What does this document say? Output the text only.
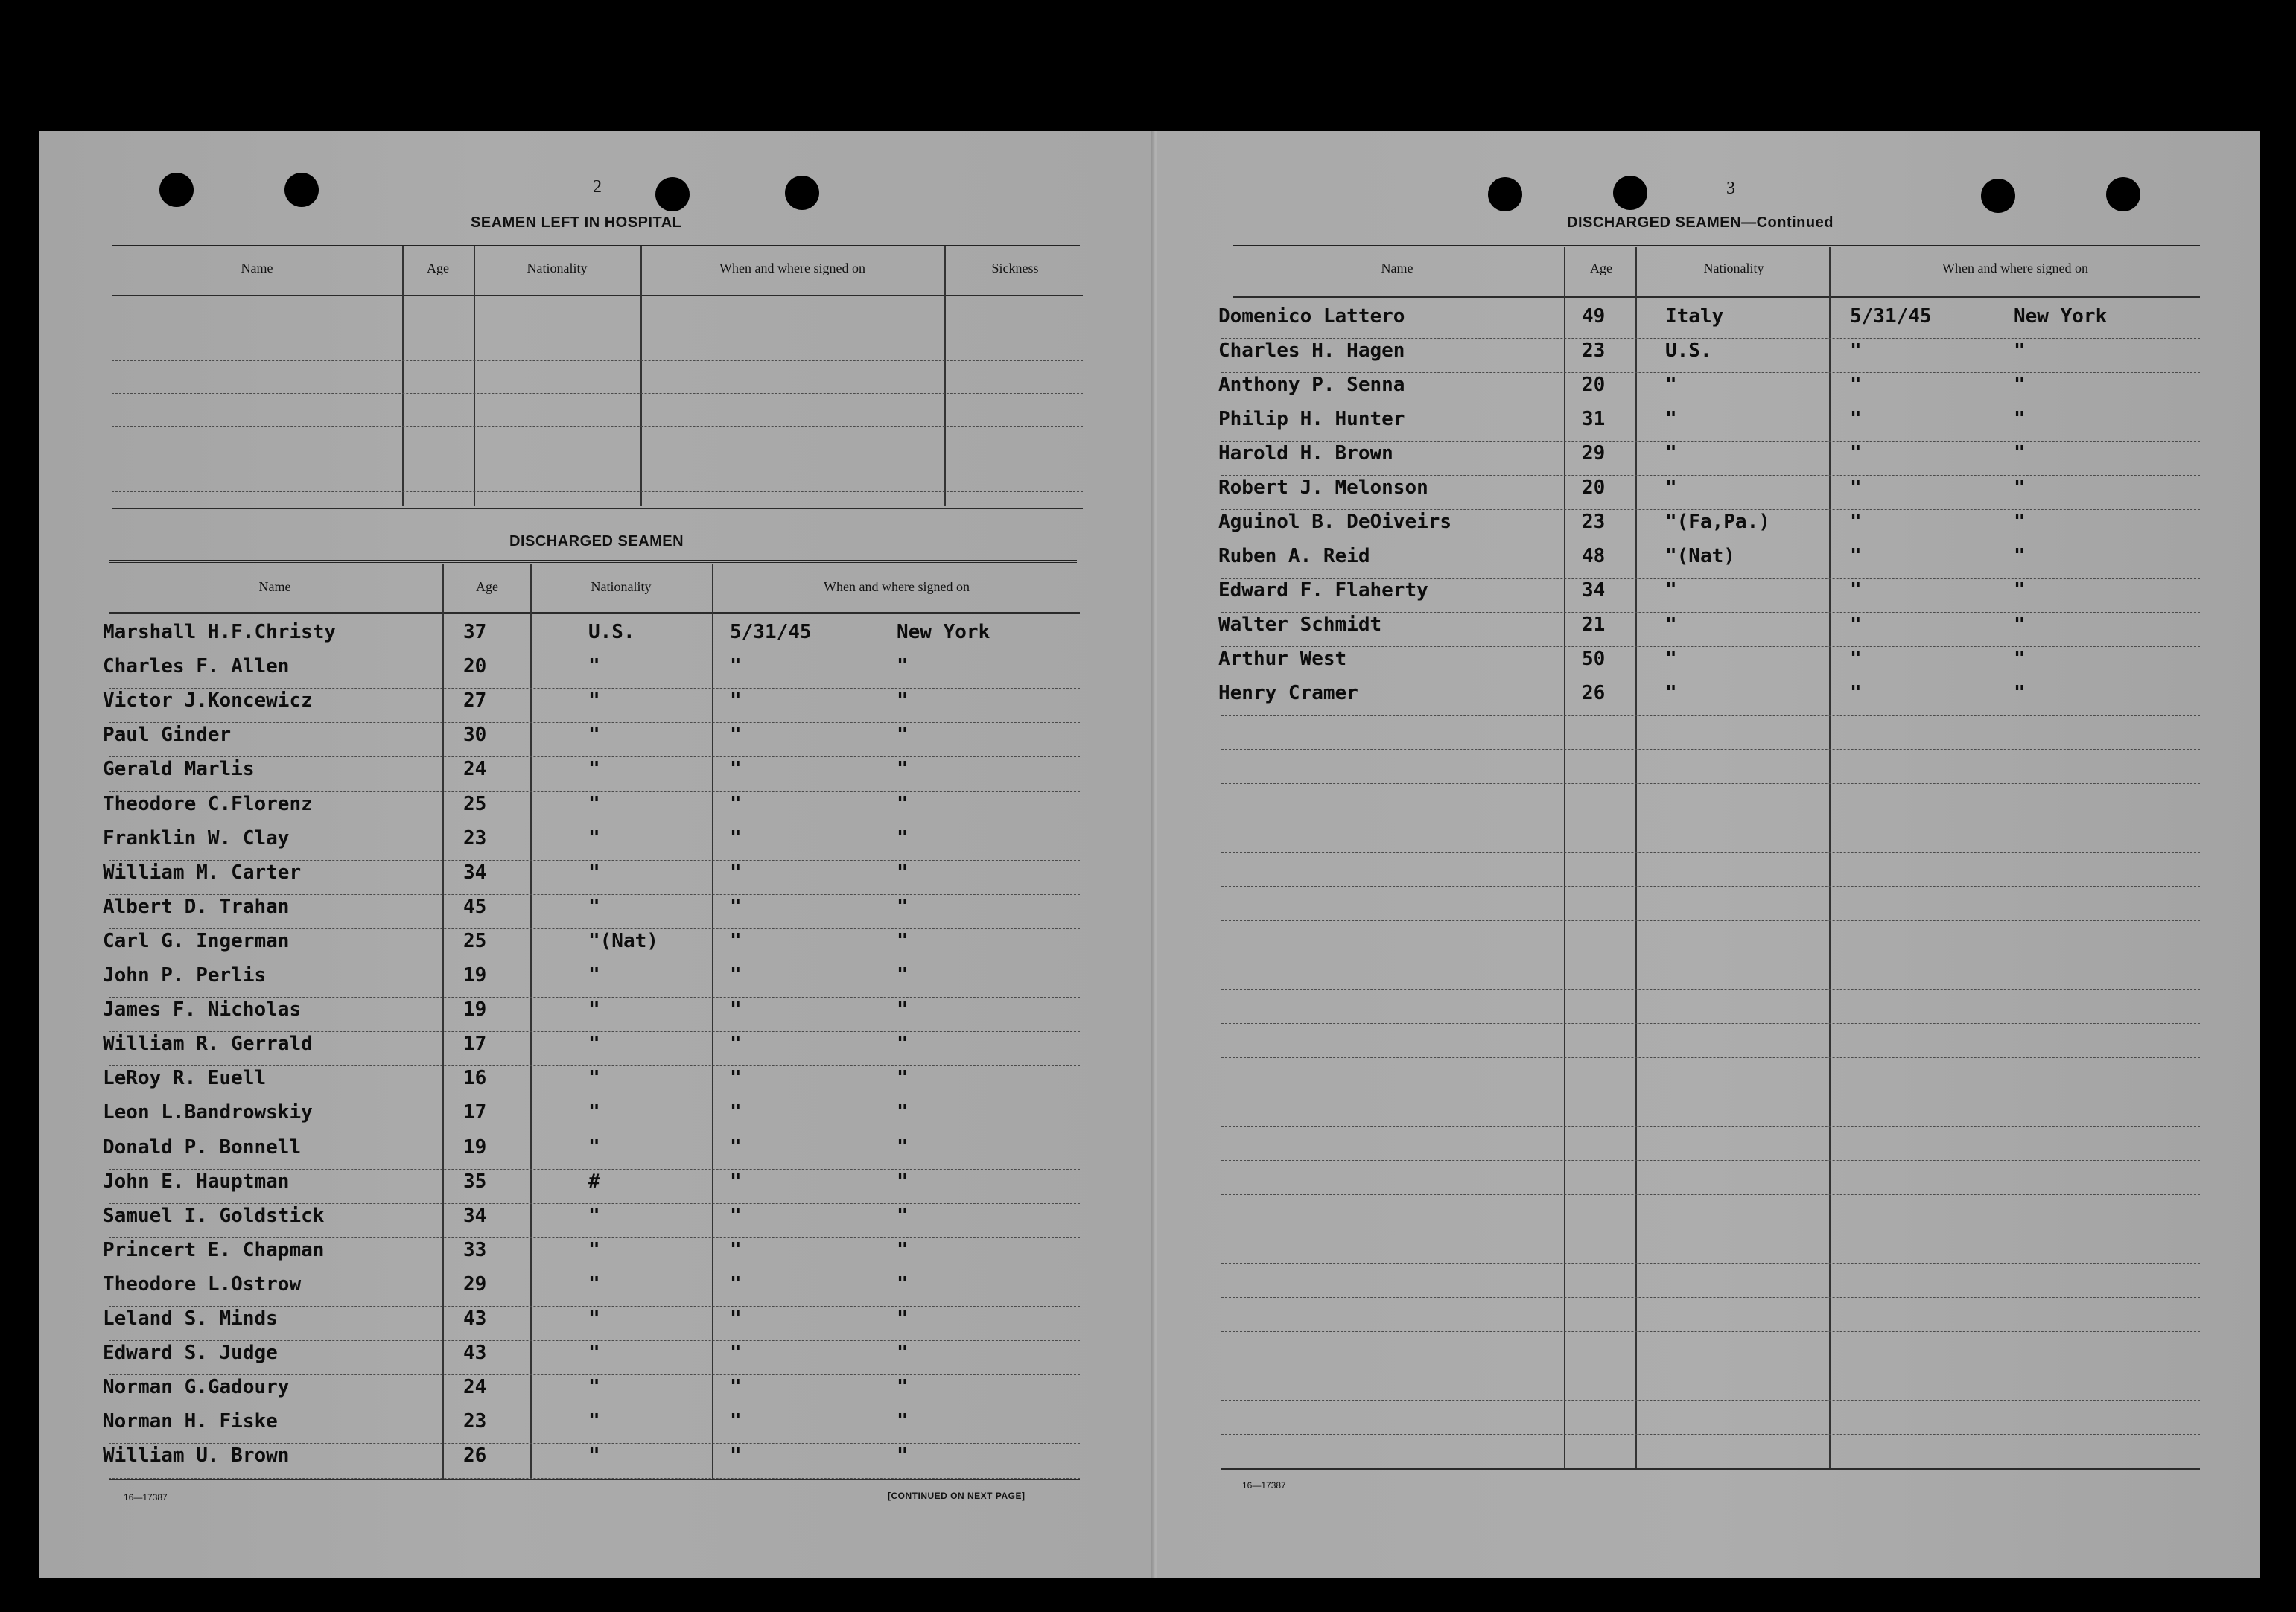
2
SEAMEN LEFT IN HOSPITAL
Name	Age	Nationality	When and where signed on	Sickness
DISCHARGED SEAMEN
Name	Age	Nationality	When and where signed on
Marshall H.F.Christy	37	U.S.	5/31/45	New York
Charles F. Allen	20	"	"	"
Victor J.Koncewicz	27	"	"	"
Paul Ginder	30	"	"	"
Gerald Marlis	24	"	"	"
Theodore C.Florenz	25	"	"	"
Franklin W. Clay	23	"	"	"
William M. Carter	34	"	"	"
Albert D. Trahan	45	"	"	"
Carl G. Ingerman	25	"(Nat)	"	"
John P. Perlis	19	"	"	"
James F. Nicholas	19	"	"	"
William R. Gerrald	17	"	"	"
LeRoy R. Euell	16	"	"	"
Leon L.Bandrowskiy	17	"	"	"
Donald P. Bonnell	19	"	"	"
John E. Hauptman	35	#	"	"
Samuel I. Goldstick	34	"	"	"
Princert E. Chapman	33	"	"	"
Theodore L.Ostrow	29	"	"	"
Leland S. Minds	43	"	"	"
Edward S. Judge	43	"	"	"
Norman G.Gadoury	24	"	"	"
Norman H. Fiske	23	"	"	"
William U. Brown	26	"	"	"
16—17387	[CONTINUED ON NEXT PAGE]
3
DISCHARGED SEAMEN—Continued
Name	Age	Nationality	When and where signed on
Domenico Lattero	49	Italy	5/31/45	New York
Charles H. Hagen	23	U.S.	"	"
Anthony P. Senna	20	"	"	"
Philip H. Hunter	31	"	"	"
Harold H. Brown	29	"	"	"
Robert J. Melonson	20	"	"	"
Aguinol B. DeOiveirs	23	"(Fa,Pa.)	"	"
Ruben A. Reid	48	"(Nat)	"	"
Edward F. Flaherty	34	"	"	"
Walter Schmidt	21	"	"	"
Arthur West	50	"	"	"
Henry Cramer	26	"	"	"
16—17387
